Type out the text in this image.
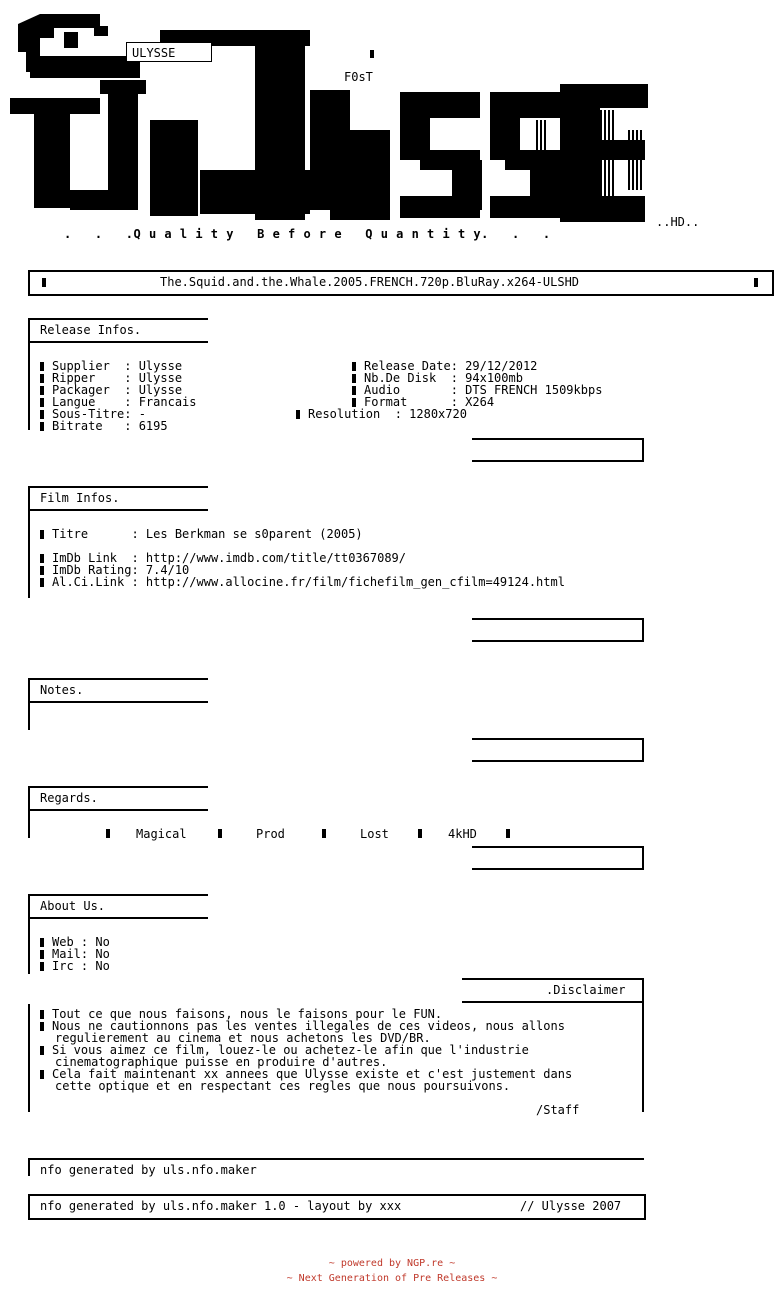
ULYSSE
F0sT
..HD..
.   .   .Q u a l i t y   B e f o r e   Q u a n t i t y.   .   .
The.Squid.and.the.Whale.2005.FRENCH.720p.BluRay.x264-ULSHD
Release Infos.
Supplier  : Ulysse
Ripper    : Ulysse
Packager  : Ulysse
Langue    : Francais
Sous-Titre: -
Bitrate   : 6195
Release Date: 29/12/2012
Nb.De Disk  : 94x100mb
Audio       : DTS FRENCH 1509kbps
Format      : X264
Resolution  : 1280x720
Film Infos.
Titre      : Les Berkman se s0parent (2005)
ImDb Link  : http://www.imdb.com/title/tt0367089/
ImDb Rating: 7.4/10
Al.Ci.Link : http://www.allocine.fr/film/fichefilm_gen_cfilm=49124.html
Notes.
Regards.
Magical	Prod	Lost	4kHD
About Us.
Web : No
Mail: No
Irc : No
.Disclaimer
Tout ce que nous faisons, nous le faisons pour le FUN.
Nous ne cautionnons pas les ventes illegales de ces videos, nous allons
regulierement au cinema et nous achetons les DVD/BR.
Si vous aimez ce film, louez-le ou achetez-le afin que l'industrie
cinematographique puisse en produire d'autres.
Cela fait maintenant xx annees que Ulysse existe et c'est justement dans
cette optique et en respectant ces regles que nous poursuivons.
/Staff
nfo generated by uls.nfo.maker
nfo generated by uls.nfo.maker 1.0 - layout by xxx	// Ulysse 2007
~ powered by NGP.re ~
~ Next Generation of Pre Releases ~
